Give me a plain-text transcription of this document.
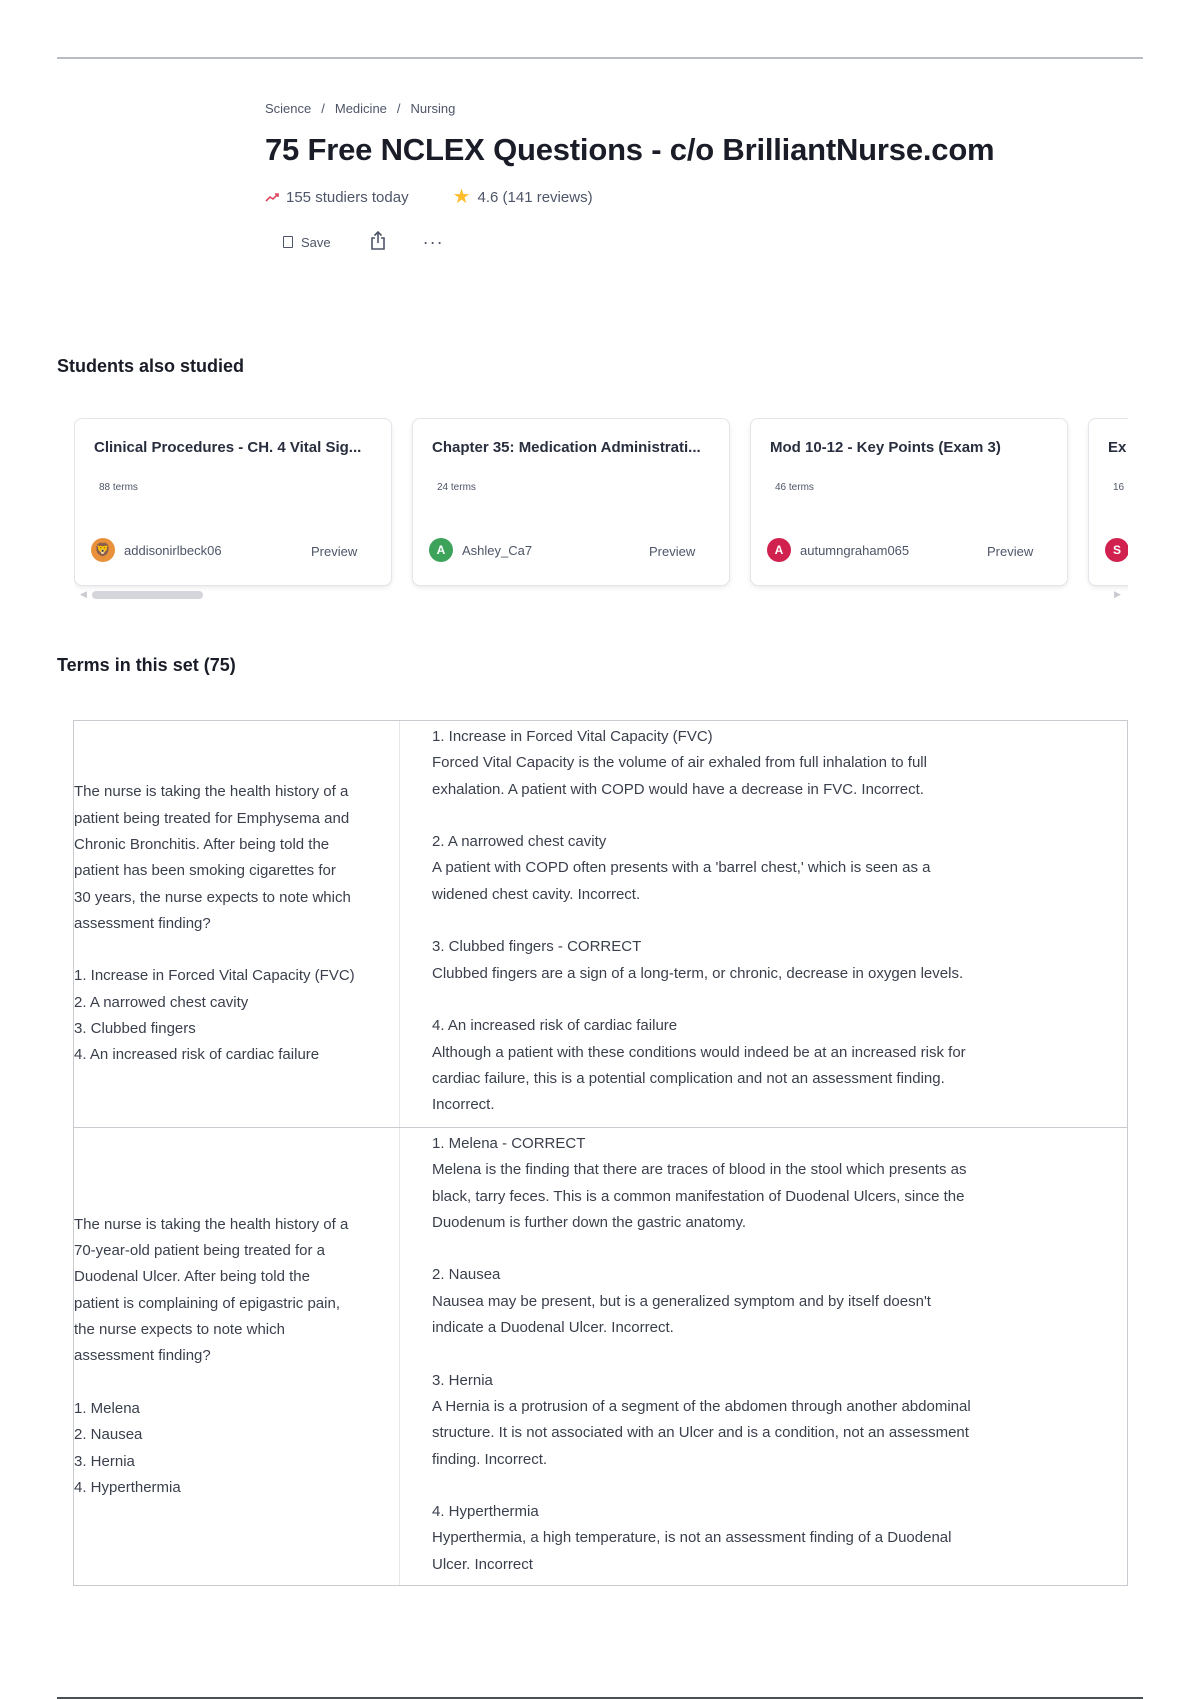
Science / Medicine / Nursing
75 Free NCLEX Questions - c/o BrilliantNurse.com
155 studiers today ★ 4.6 (141 reviews)
Save	···
Students also studied
Clinical Procedures - CH. 4 Vital Sig...
88 terms
🦁 addisonirlbeck06	Preview
Chapter 35: Medication Administrati...
24 terms
A	Ashley_Ca7	Preview
Mod 10-12 - Key Points (Exam 3)
46 terms
A	autumngraham065	Preview
Ex
16
S
◀	▶
Terms in this set (75)
The nurse is taking the health history of a
patient being treated for Emphysema and
Chronic Bronchitis. After being told the
patient has been smoking cigarettes for
30 years, the nurse expects to note which
assessment finding?
1. Increase in Forced Vital Capacity (FVC)
2. A narrowed chest cavity
3. Clubbed fingers
4. An increased risk of cardiac failure
1. Increase in Forced Vital Capacity (FVC)
Forced Vital Capacity is the volume of air exhaled from full inhalation to full
exhalation. A patient with COPD would have a decrease in FVC. Incorrect.
2. A narrowed chest cavity
A patient with COPD often presents with a 'barrel chest,' which is seen as a
widened chest cavity. Incorrect.
3. Clubbed fingers - CORRECT
Clubbed fingers are a sign of a long-term, or chronic, decrease in oxygen levels.
4. An increased risk of cardiac failure
Although a patient with these conditions would indeed be at an increased risk for
cardiac failure, this is a potential complication and not an assessment finding.
Incorrect.
The nurse is taking the health history of a
70-year-old patient being treated for a
Duodenal Ulcer. After being told the
patient is complaining of epigastric pain,
the nurse expects to note which
assessment finding?
1. Melena
2. Nausea
3. Hernia
4. Hyperthermia
1. Melena - CORRECT
Melena is the finding that there are traces of blood in the stool which presents as
black, tarry feces. This is a common manifestation of Duodenal Ulcers, since the
Duodenum is further down the gastric anatomy.
2. Nausea
Nausea may be present, but is a generalized symptom and by itself doesn't
indicate a Duodenal Ulcer. Incorrect.
3. Hernia
A Hernia is a protrusion of a segment of the abdomen through another abdominal
structure. It is not associated with an Ulcer and is a condition, not an assessment
finding. Incorrect.
4. Hyperthermia
Hyperthermia, a high temperature, is not an assessment finding of a Duodenal
Ulcer. Incorrect
